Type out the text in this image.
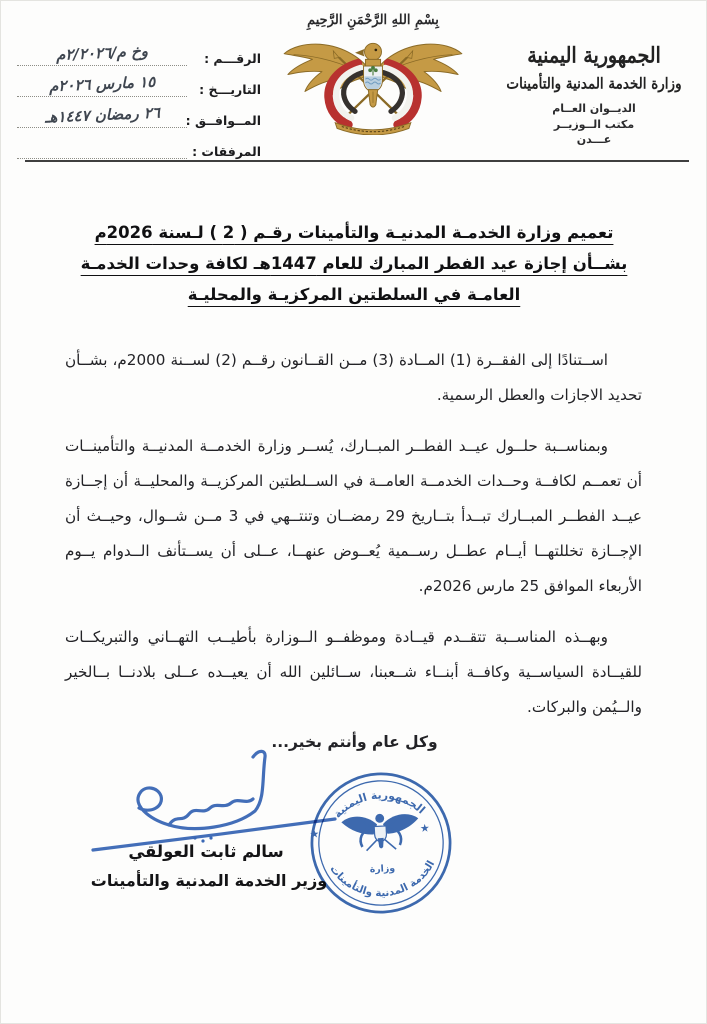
الرقـــم :
وخ م/٢/٢٠٢٦م
التاريـــخ :
١٥ مارس ٢٠٢٦م
المــوافــق :
٢٦ رمضان ١٤٤٧هـ
المرفقات :
بِسْمِ اللهِ الرَّحْمَنِ الرَّحِيمِ
الجمهورية اليمنية
وزارة الخدمة المدنية والتأمينات
الديــوان العــام
مكتب الــوزيــر
عـــدن
تعميم وزارة الخدمـة المدنيـة والتأمينات رقـم ( 2 ) لـسنة 2026م
بشــأن إجازة عيد الفطر المبارك للعام 1447هـ لكافة وحدات الخدمـة
العامـة في السلطتين المركزيـة والمحليـة

اســتنادًا إلى الفقــرة (1) المــادة (3) مــن القــانون رقــم (2) لســنة 2000م، بشــأن تحديد الاجازات والعطل الرسمية.

وبمناســبة حلــول عيــد الفطــر المبــارك، يُســر وزارة الخدمــة المدنيــة والتأمينــات أن تعمــم لكافــة وحــدات الخدمــة العامــة في الســلطتين المركزيــة والمحليــة أن إجــازة عيــد الفطــر المبــارك تبــدأ بتــاريخ 29 رمضــان وتنتــهي في 3 مــن شــوال، وحيــث أن الإجــازة تخللتهــا أيــام عطــل رســمية يُعــوض عنهــا، عــلى أن يســتأنف الــدوام يــوم الأربعاء الموافق 25 مارس 2026م.

وبهــذه المناســبة تتقــدم قيــادة وموظفــو الــوزارة بأطيــب التهــاني والتبريكــات للقيــادة السياســية وكافــة أبنــاء شــعبنا، ســائلين الله أن يعيــده عــلى بلادنــا بــالخير والــيُمن والبركات.

وكل عام وأنتم بخير...
سالم ثابت العولقي
وزير الخدمة المدنية والتأمينات
الجمهورية اليمنية
الخدمة المدنية والتأمينات
★	★
وزارة
